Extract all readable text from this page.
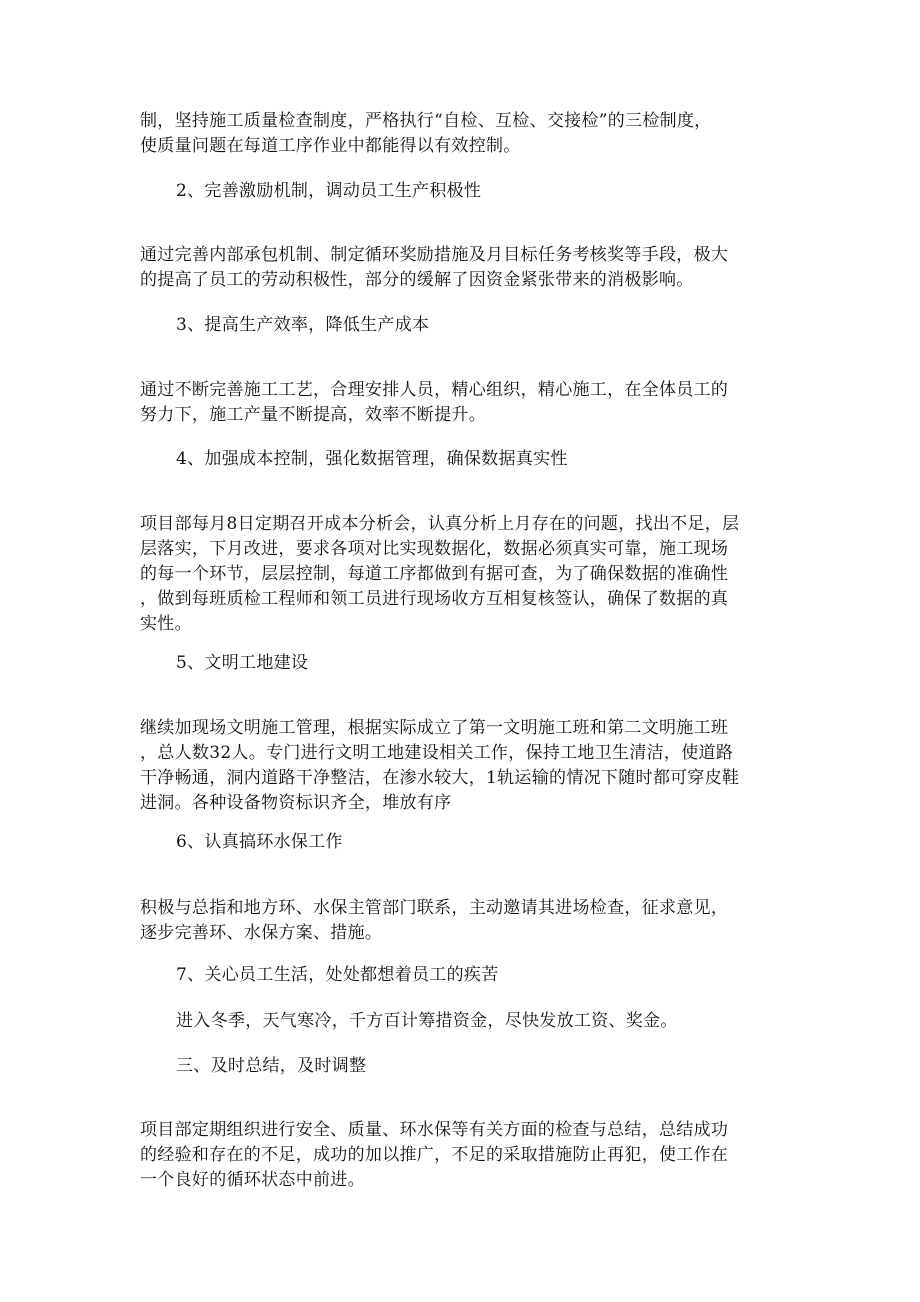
制，坚持施工质量检查制度，严格执行“自检、互检、交接检”的三检制度，
使质量问题在每道工序作业中都能得以有效控制。
2、完善激励机制，调动员工生产积极性
通过完善内部承包机制、制定循环奖励措施及月目标任务考核奖等手段，极大
的提高了员工的劳动积极性，部分的缓解了因资金紧张带来的消极影响。
3、提高生产效率，降低生产成本
通过不断完善施工工艺，合理安排人员，精心组织，精心施工，在全体员工的
努力下，施工产量不断提高，效率不断提升。
4、加强成本控制，强化数据管理，确保数据真实性
项目部每月8日定期召开成本分析会，认真分析上月存在的问题，找出不足，层
层落实，下月改进，要求各项对比实现数据化，数据必须真实可靠，施工现场
的每一个环节，层层控制，每道工序都做到有据可查，为了确保数据的准确性
，做到每班质检工程师和领工员进行现场收方互相复核签认，确保了数据的真
实性。
5、文明工地建设
继续加现场文明施工管理，根据实际成立了第一文明施工班和第二文明施工班
，总人数32人。专门进行文明工地建设相关工作，保持工地卫生清洁，使道路
干净畅通，洞内道路干净整洁，在渗水较大，1轨运输的情况下随时都可穿皮鞋
进洞。各种设备物资标识齐全，堆放有序
6、认真搞环水保工作
积极与总指和地方环、水保主管部门联系，主动邀请其进场检查，征求意见，
逐步完善环、水保方案、措施。
7、关心员工生活，处处都想着员工的疾苦
进入冬季，天气寒冷，千方百计筹措资金，尽快发放工资、奖金。
三、及时总结，及时调整
项目部定期组织进行安全、质量、环水保等有关方面的检查与总结，总结成功
的经验和存在的不足，成功的加以推广，不足的采取措施防止再犯，使工作在
一个良好的循环状态中前进。
